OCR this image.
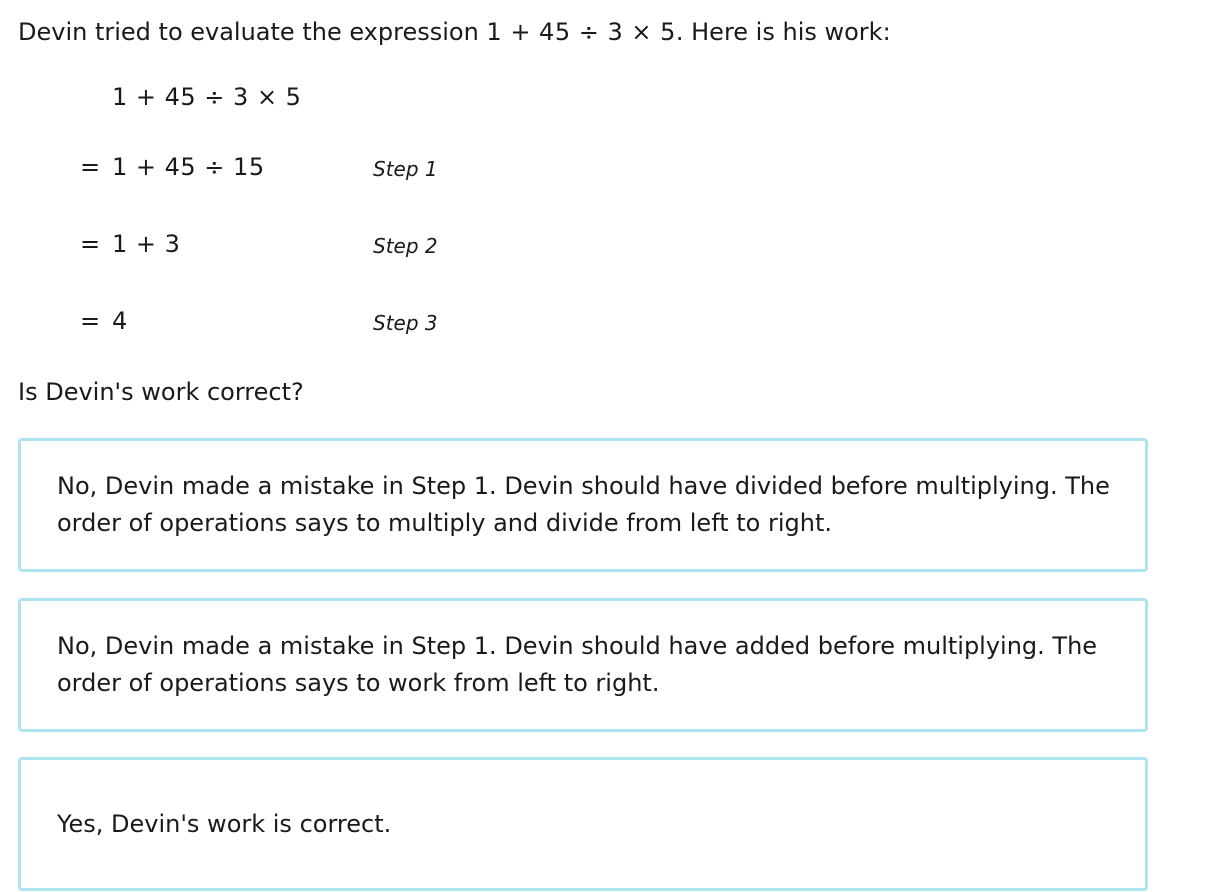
Devin tried to evaluate the expression 1 + 45 ÷ 3 × 5. Here is his work:
1 + 45 ÷ 3 × 5
= 1 + 45 ÷ 15	Step 1
= 1 + 3	Step 2
= 4	Step 3
Is Devin's work correct?
No, Devin made a mistake in Step 1. Devin should have divided before multiplying. The order of operations says to multiply and divide from left to right.
No, Devin made a mistake in Step 1. Devin should have added before multiplying. The order of operations says to work from left to right.
Yes, Devin's work is correct.
